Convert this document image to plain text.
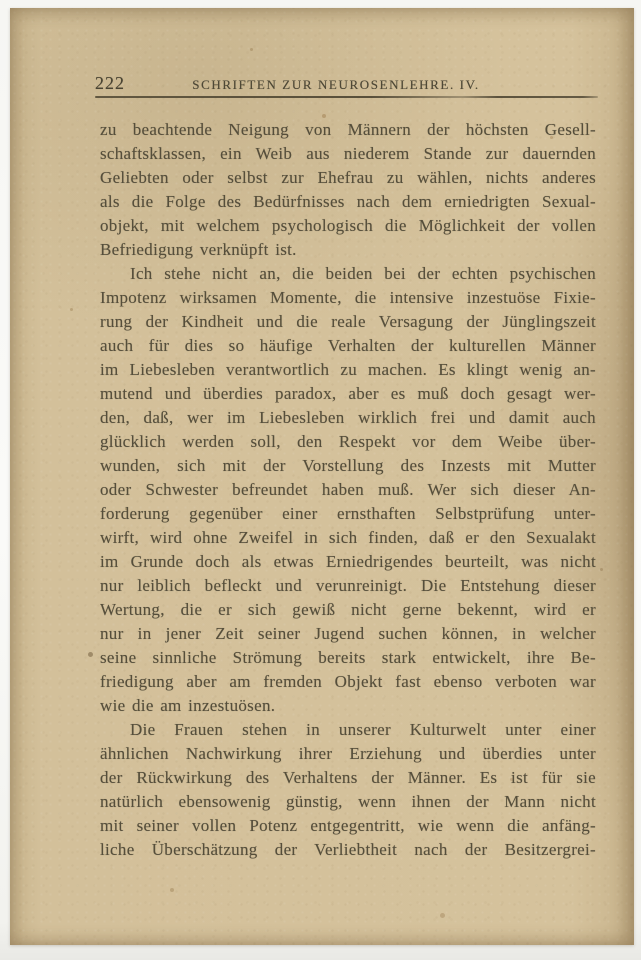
222	SCHRIFTEN ZUR NEUROSENLEHRE. IV.
zu beachtende Neigung von Männern der höchsten Gesell-
schaftsklassen, ein Weib aus niederem Stande zur dauernden
Geliebten oder selbst zur Ehefrau zu wählen, nichts anderes
als die Folge des Bedürfnisses nach dem erniedrigten Sexual-
objekt, mit welchem psychologisch die Möglichkeit der vollen
Befriedigung verknüpft ist.
Ich stehe nicht an, die beiden bei der echten psychischen
Impotenz wirksamen Momente, die intensive inzestuöse Fixie-
rung der Kindheit und die reale Versagung der Jünglingszeit
auch für dies so häufige Verhalten der kulturellen Männer
im Liebesleben verantwortlich zu machen. Es klingt wenig an-
mutend und überdies paradox, aber es muß doch gesagt wer-
den, daß, wer im Liebesleben wirklich frei und damit auch
glücklich werden soll, den Respekt vor dem Weibe über-
wunden, sich mit der Vorstellung des Inzests mit Mutter
oder Schwester befreundet haben muß. Wer sich dieser An-
forderung gegenüber einer ernsthaften Selbstprüfung unter-
wirft, wird ohne Zweifel in sich finden, daß er den Sexualakt
im Grunde doch als etwas Erniedrigendes beurteilt, was nicht
nur leiblich befleckt und verunreinigt. Die Entstehung dieser
Wertung, die er sich gewiß nicht gerne bekennt, wird er
nur in jener Zeit seiner Jugend suchen können, in welcher
seine sinnliche Strömung bereits stark entwickelt, ihre Be-
friedigung aber am fremden Objekt fast ebenso verboten war
wie die am inzestuösen.
Die Frauen stehen in unserer Kulturwelt unter einer
ähnlichen Nachwirkung ihrer Erziehung und überdies unter
der Rückwirkung des Verhaltens der Männer. Es ist für sie
natürlich ebensowenig günstig, wenn ihnen der Mann nicht
mit seiner vollen Potenz entgegentritt, wie wenn die anfäng-
liche Überschätzung der Verliebtheit nach der Besitzergrei-
